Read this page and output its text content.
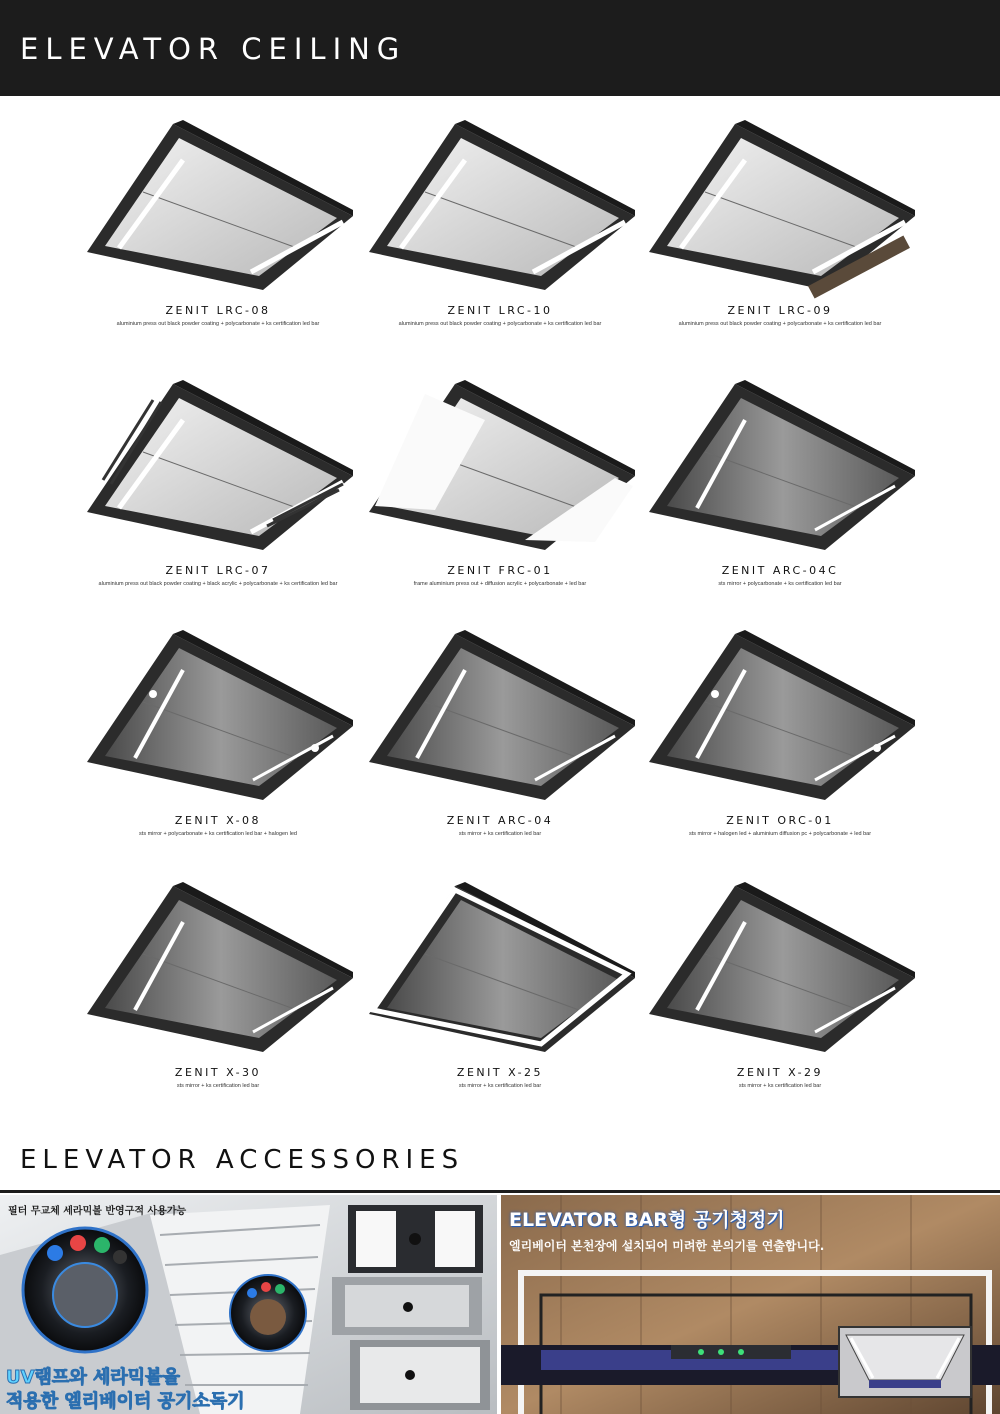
ELEVATOR CEILING
ZENIT LRC-08
aluminium press out black powder coating + polycarbonate + ks certification led bar
ZENIT LRC-10
aluminium press out black powder coating + polycarbonate + ks certification led bar
ZENIT LRC-09
aluminium press out black powder coating + polycarbonate + ks certification led bar
ZENIT LRC-07
aluminium press out black powder coating + black acrylic + polycarbonate + ks certification led bar
ZENIT FRC-01
frame aluminium press out + diffusion acrylic + polycarbonate + led bar
ZENIT ARC-04C
sts mirror + polycarbonate + ks certification led bar
ZENIT X-08
sts mirror + polycarbonate + ks certification led bar + halogen led
ZENIT ARC-04
sts mirror + ks certification led bar
ZENIT ORC-01
sts mirror + halogen led + aluminium diffusion pc + polycarbonate + led bar
ZENIT X-30
sts mirror + ks certification led bar
ZENIT X-25
sts mirror + ks certification led bar
ZENIT X-29
sts mirror + ks certification led bar
ELEVATOR ACCESSORIES
필터 무교체 세라믹볼 반영구적 사용가능
UV램프와 세라믹볼을
적용한 엘리베이터 공기소독기
ELEVATOR BAR형 공기청정기
엘리베이터 본천장에 설치되어 미려한 분의기를 연출합니다.
